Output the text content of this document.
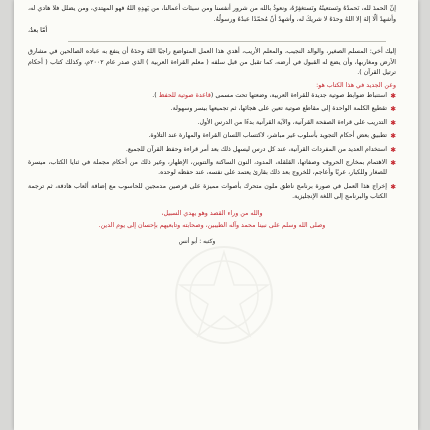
إنّ الحمدَ لله، نَحمدُهُ ونَستعينُهُ ونَستغفِرُهُ، ونعوذُ بالله من شرور أنفسنا ومن سيئات أعمالنا، من يَهدِهِ اللهُ فهو المهتدي، ومن يضلل فلا هادي له، وأشهدُ ألّا إلهَ إلا اللهُ وحدَهُ لا شريكَ له، وأشهدُ أنّ مُحمّدًا عبدُهُ ورسولُهُ.

أمّا بعدُ،

إليك أخي: المسلم الصغير، والوالد النجيب، والمعلم الأريب، أهدي هذا العمل المتواضع راجيًا اللهَ وحدَهُ أن ينفع به عباده الصالحين في مشارق الأرض ومغاربها، وأن يضع له القبول في أرضه، كما تقبل من قبل سلفه ( معلم القراءة العربية ) الذي صدر عام ٢٠٠٢م، وكذلك كتاب ( أحكام ترتيل القرآن ).

وعن الجديد في هذا الكتاب هو:

✱
استنباط ضوابط صوتية جديدة للقراءة العربية، وضعتها تحت مسمى (قاعدة صوتية للحفظ ).
✱
تقطيع الكلمة الواحدة إلى مقاطع صوتية تعين على هجائها، ثم تجميعها بيسر وسهولة.
✱
التدريب على قراءة الصفحة القرآنية، والآية القرآنية بدءًا من الدرس الأول.
✱
تطبيق بعض أحكام التجويد بأسلوب غير مباشر، لاكتساب اللسان القراءة والمهارة عند التلاوة.
✱
استخدام العديد من المفردات القرآنية، عند كل درس ليسهل ذلك بعد أمر قراءة وحفظ القرآن للجميع.
✱
الاهتمام بمخارج الحروف وصفاتها، القلقلة، المدود، النون الساكنة والتنوين، الإظهار، وغير ذلك من أحكام مجملة في ثنايا الكتاب، ميسرة للصغار وللكبار، عربًا وأعاجم، للخروج بعد ذلك بقارئ يعتمد على نفسه، عند حفظه لوحده.
✱
إخراج هذا العمل في صورة برنامج ناطق ملون متحرك بأصوات مميزة على قرصين مدمجين للحاسوب مع إضافة ألعاب هادفة، ثم ترجمة الكتاب والبرنامج إلى اللغة الإنجليزية.

والله من وراء القصد وهو يهدي السبيل،

وصلى الله وسلم على نبينا محمد وآله الطيبين، وصحابته وتابعيهم بإحسان إلى يوم الدين.

وكتبه : أبو أنس
